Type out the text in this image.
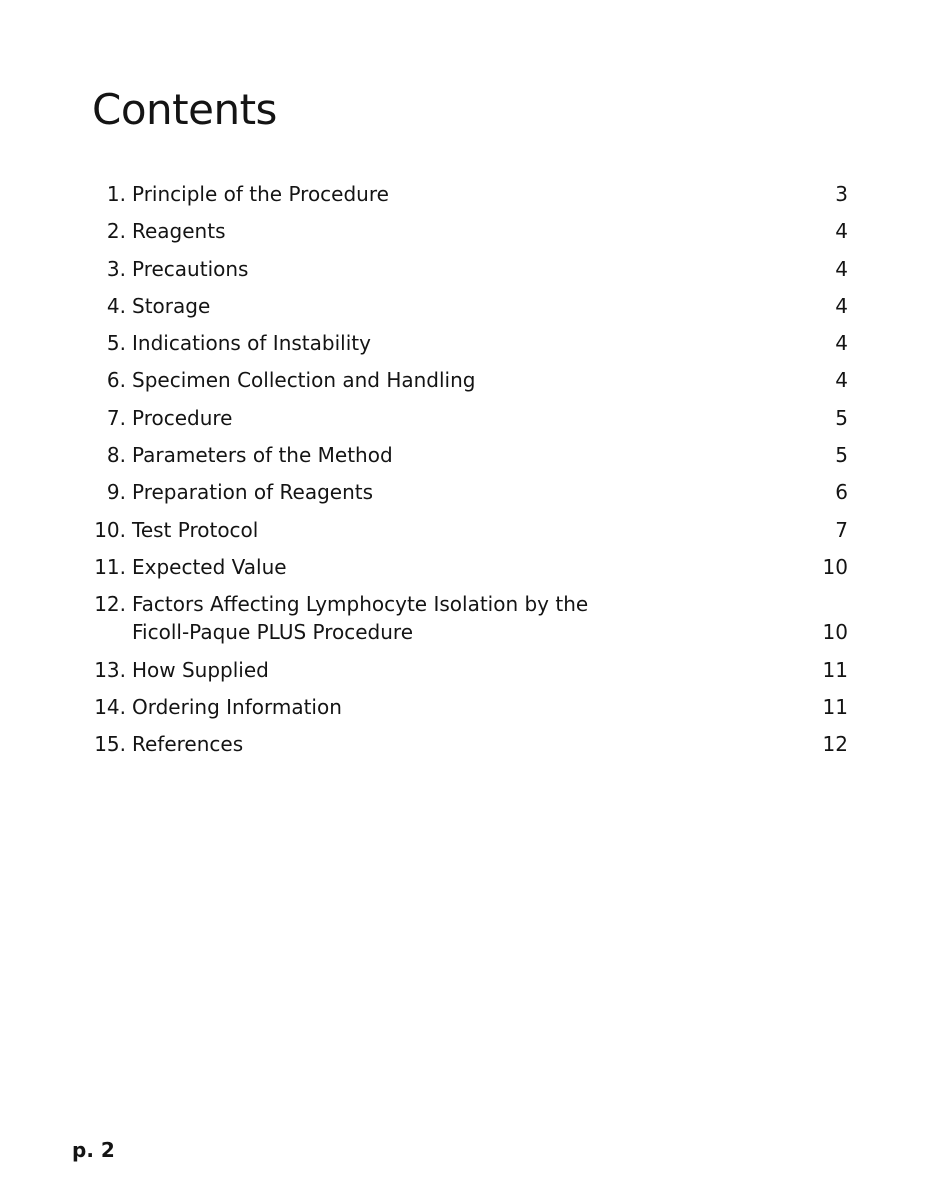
Contents
1. Principle of the Procedure	3
2. Reagents	4
3. Precautions	4
4. Storage	4
5. Indications of Instability	4
6. Specimen Collection and Handling	4
7. Procedure	5
8. Parameters of the Method	5
9. Preparation of Reagents	6
10. Test Protocol	7
11. Expected Value	10
12. Factors Affecting Lymphocyte Isolation by the
Ficoll-Paque PLUS Procedure	10
13. How Supplied	11
14. Ordering Information	11
15. References	12
p. 2
